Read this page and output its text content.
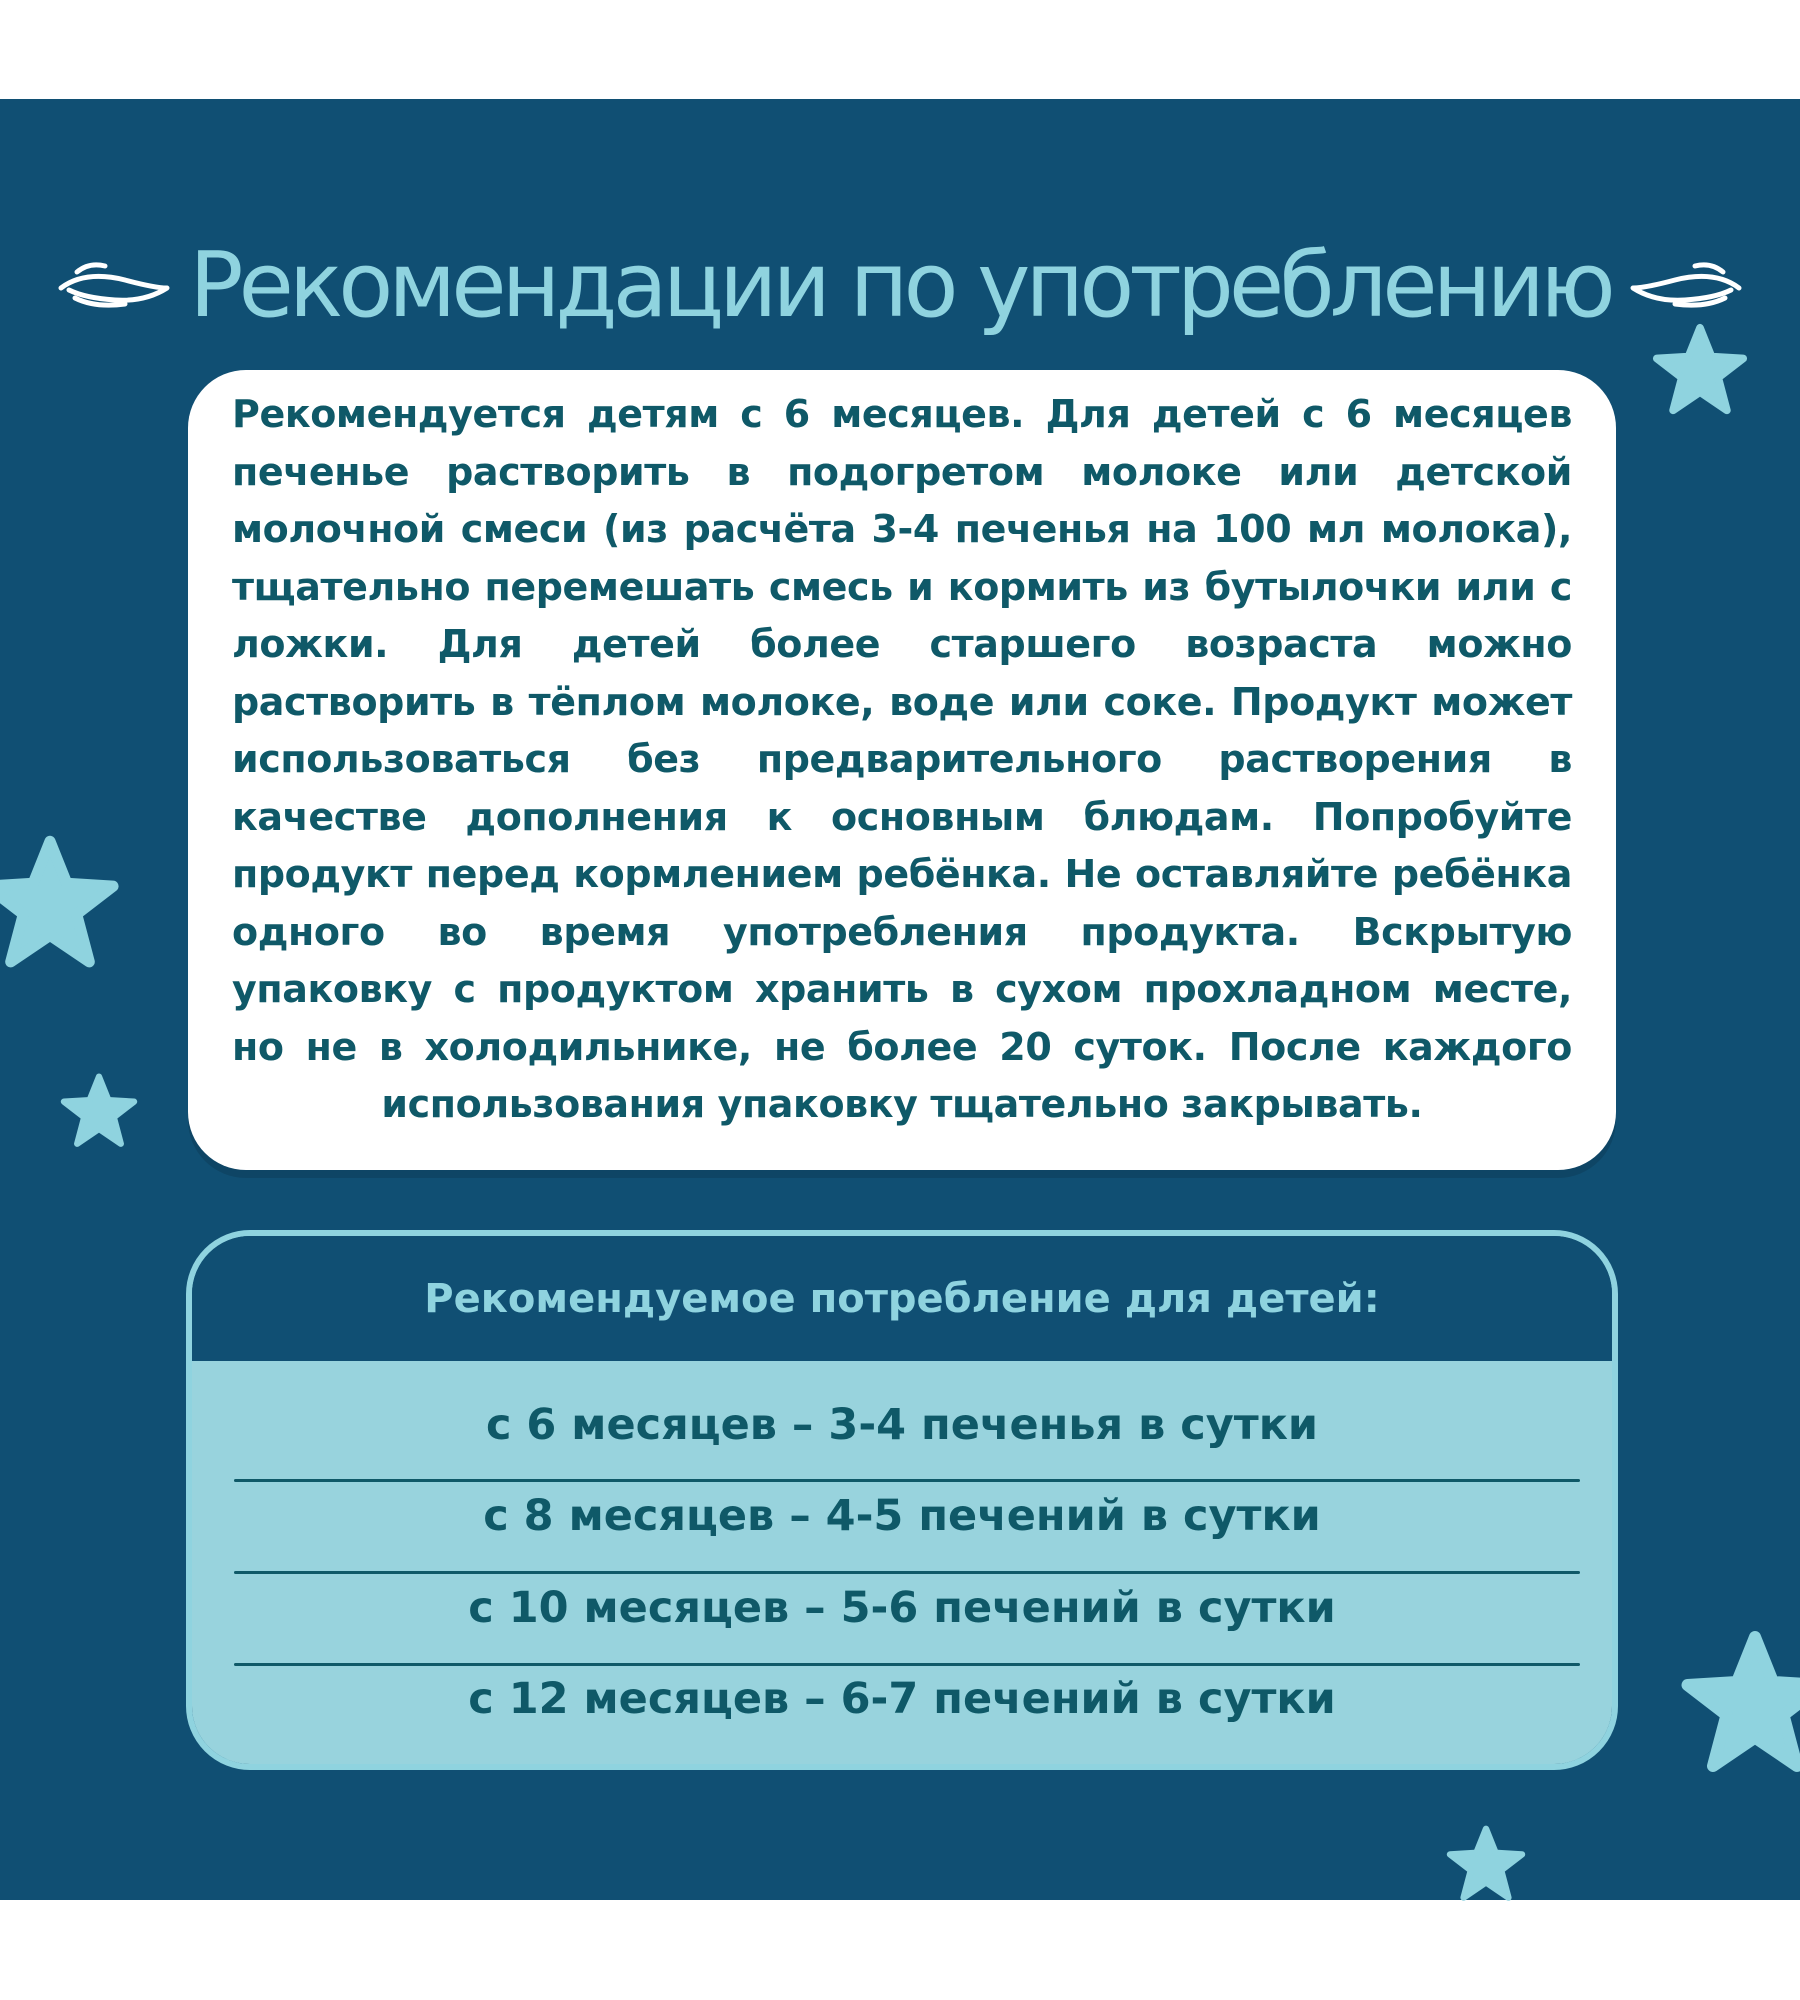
Рекомендации по употреблению
Рекомендуется детям с 6 месяцев. Для детей с 6 месяцев печенье растворить в подогретом молоке или детской молочной смеси (из расчёта 3-4 печенья на 100 мл молока), тщательно перемешать смесь и кормить из бутылочки или с ложки. Для детей более старшего возраста можно растворить в тёплом молоке, воде или соке. Продукт может использоваться без предварительного растворения в качестве дополнения к основным блюдам. Попробуйте продукт перед кормлением ребёнка. Не оставляйте ребёнка одного во время употребления продукта. Вскрытую упаковку с продуктом хранить в сухом прохладном месте, но не в холодильнике, не более 20 суток. После каждого использования упаковку тщательно закрывать.
Рекомендуемое потребление для детей:
с 6 месяцев – 3-4 печенья в сутки
с 8 месяцев – 4-5 печений в сутки
с 10 месяцев – 5-6 печений в сутки
с 12 месяцев – 6-7 печений в сутки
